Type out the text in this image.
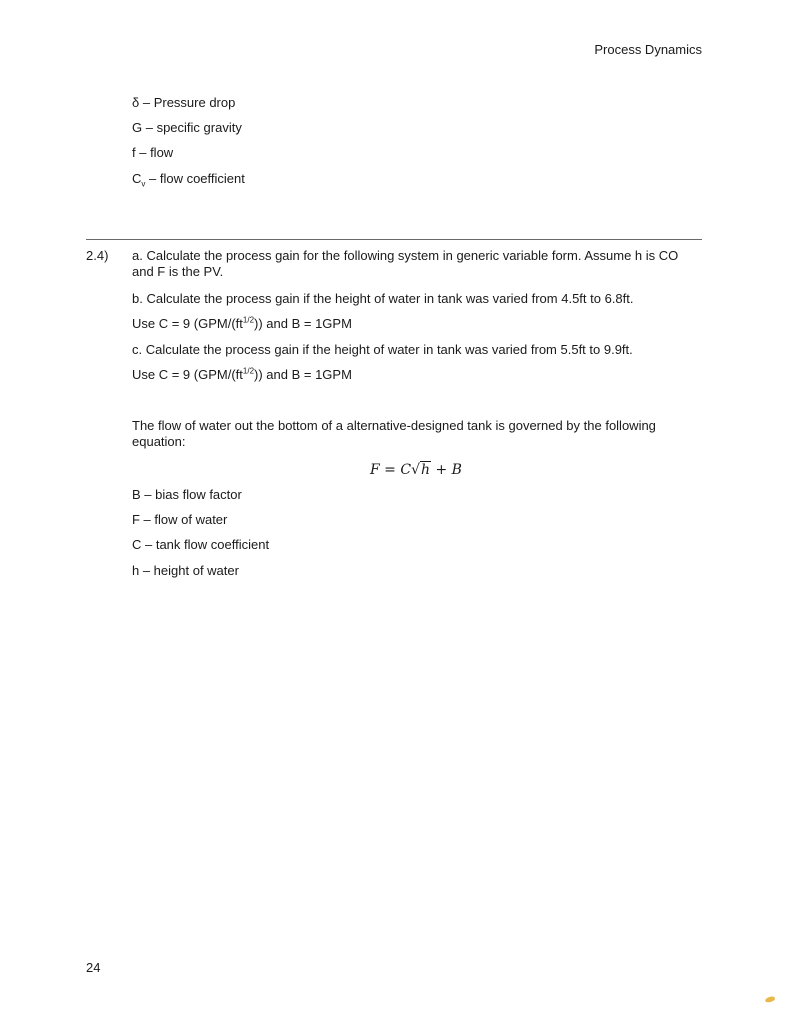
Process Dynamics
δ – Pressure drop
G – specific gravity
f – flow
$C_v$ – flow coefficient
2.4) a. Calculate the process gain for the following system in generic variable form. Assume h is CO and F is the PV.
b. Calculate the process gain if the height of water in tank was varied from 4.5ft to 6.8ft.
Use C = 9 $(GPM/(ft^{1/2}))$ and B = 1GPM
c. Calculate the process gain if the height of water in tank was varied from 5.5ft to 9.9ft.
Use C = 9 $(GPM/(ft^{1/2}))$ and B = 1GPM
The flow of water out the bottom of a alternative-designed tank is governed by the following equation:
F = C√h + B
B – bias flow factor
F – flow of water
C – tank flow coefficient
h – height of water
24
